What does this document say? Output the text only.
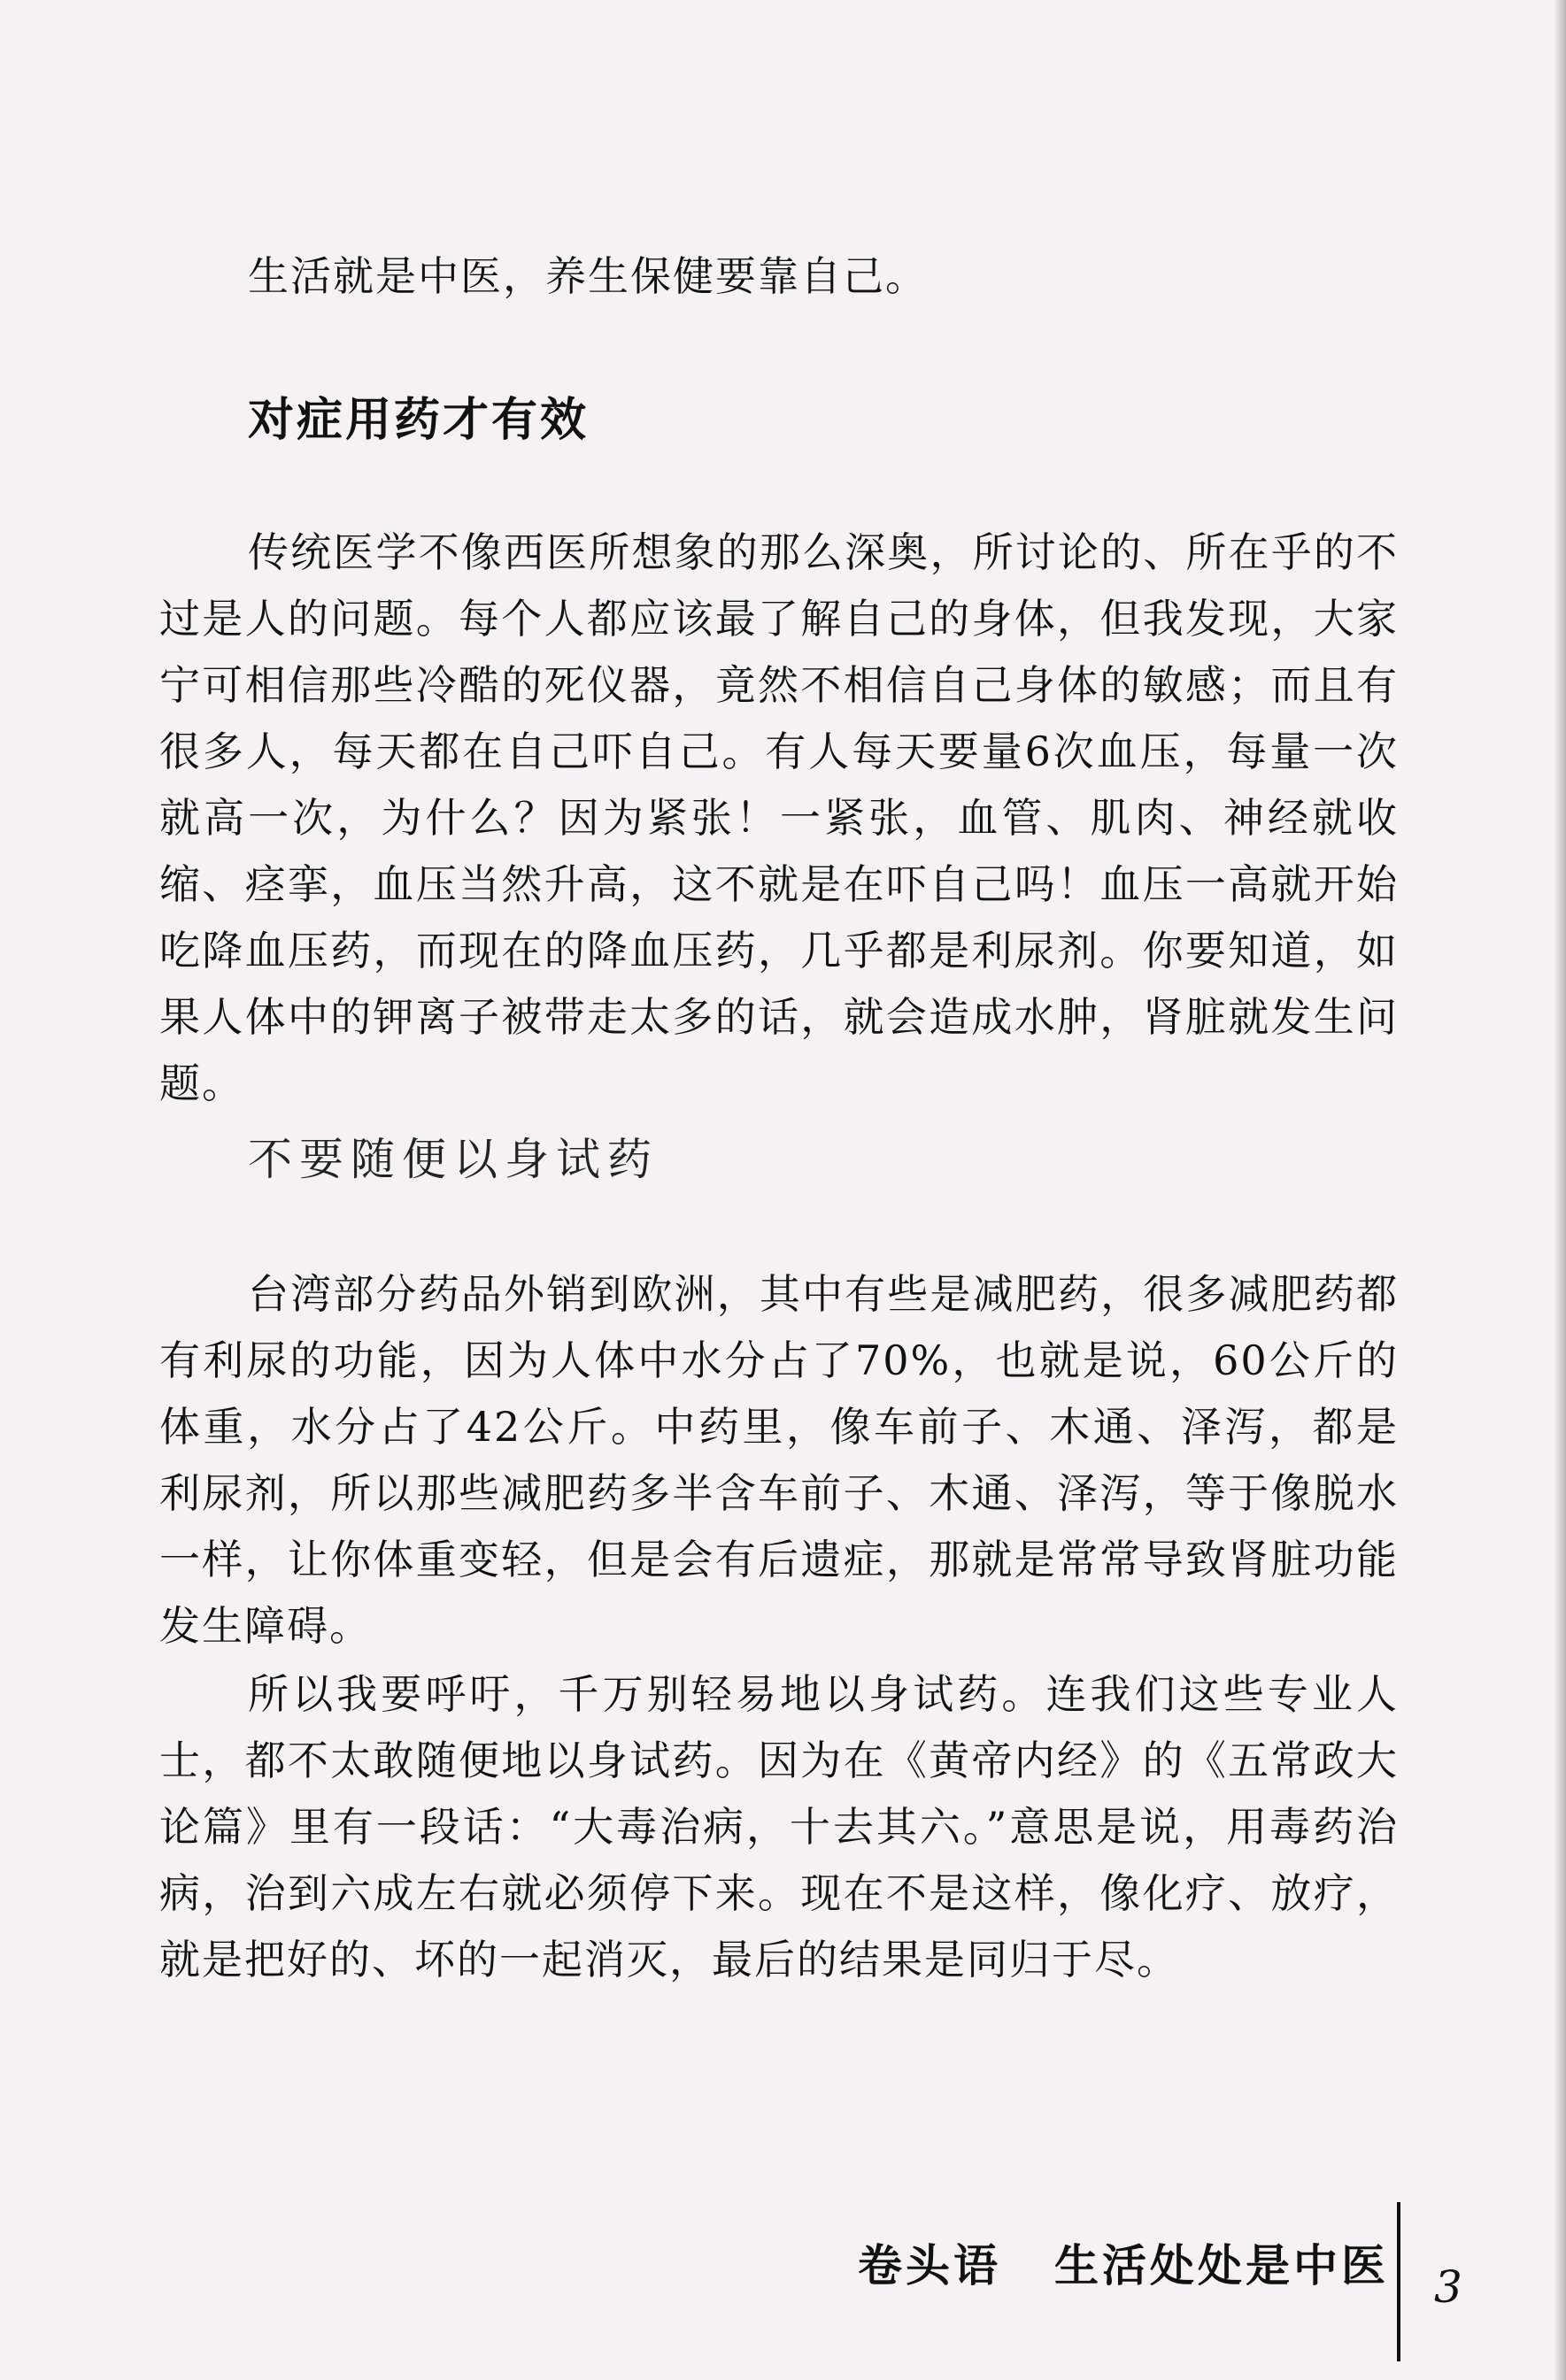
生活就是中医，养生保健要靠自己。

对症用药才有效

传统医学不像西医所想象的那么深奥，所讨论的、所在乎的不过是人的问题。每个人都应该最了解自己的身体，但我发现，大家宁可相信那些冷酷的死仪器，竟然不相信自己身体的敏感；而且有很多人，每天都在自己吓自己。有人每天要量6次血压，每量一次就高一次，为什么？因为紧张！一紧张，血管、肌肉、神经就收缩、痉挛，血压当然升高，这不就是在吓自己吗！血压一高就开始吃降血压药，而现在的降血压药，几乎都是利尿剂。你要知道，如果人体中的钾离子被带走太多的话，就会造成水肿，肾脏就发生问题。

不要随便以身试药

台湾部分药品外销到欧洲，其中有些是减肥药，很多减肥药都有利尿的功能，因为人体中水分占了70%，也就是说，60公斤的体重，水分占了42公斤。中药里，像车前子、木通、泽泻，都是利尿剂，所以那些减肥药多半含车前子、木通、泽泻，等于像脱水一样，让你体重变轻，但是会有后遗症，那就是常常导致肾脏功能发生障碍。

所以我要呼吁，千万别轻易地以身试药。连我们这些专业人士，都不太敢随便地以身试药。因为在《黄帝内经》的《五常政大论篇》里有一段话：“大毒治病，十去其六。”意思是说，用毒药治病，治到六成左右就必须停下来。现在不是这样，像化疗、放疗，就是把好的、坏的一起消灭，最后的结果是同归于尽。

卷头语 生活处处是中医 3
